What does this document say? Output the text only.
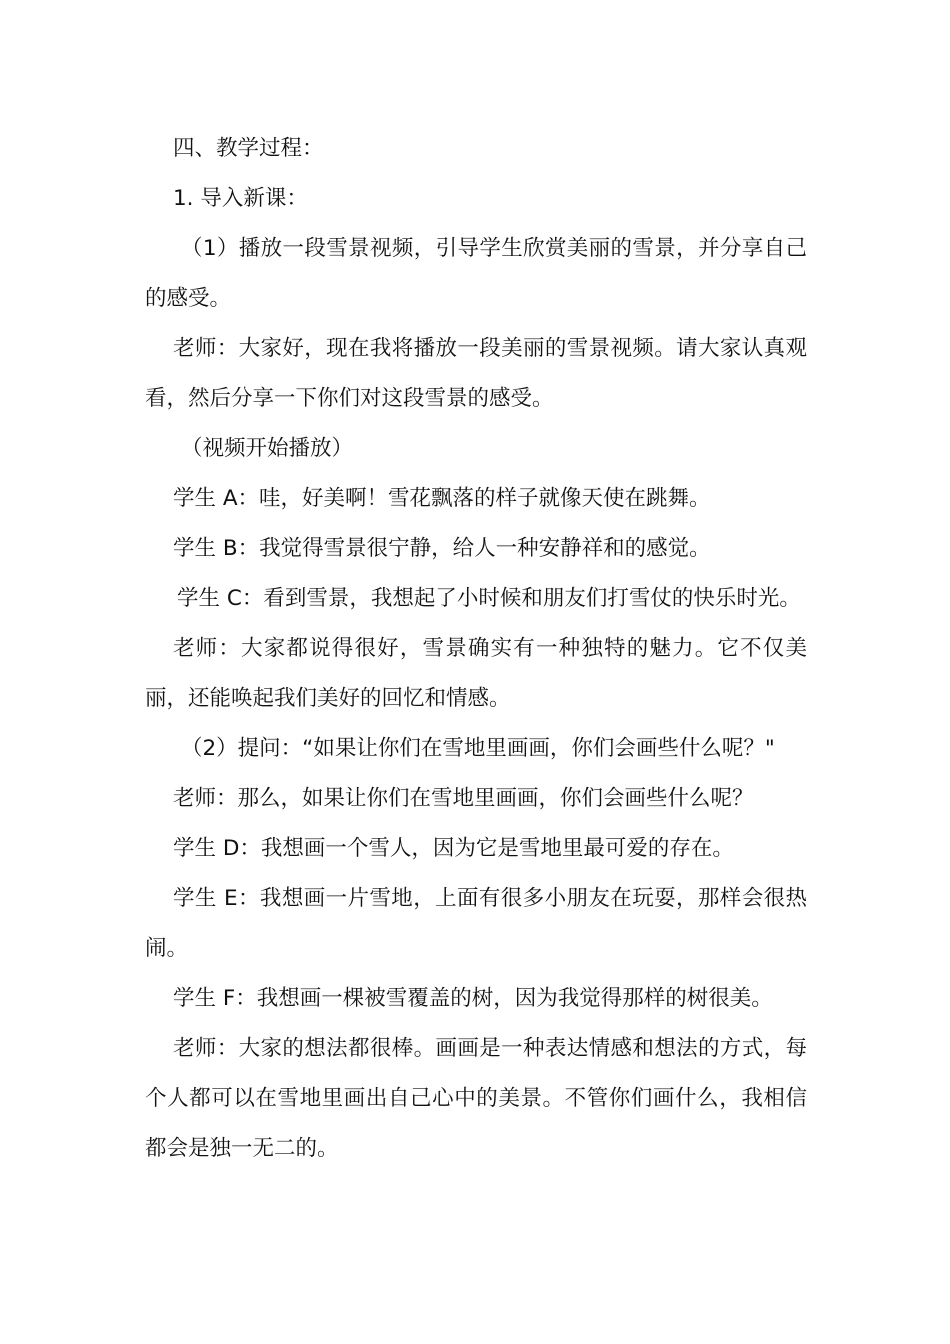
四、教学过程：

1. 导入新课：

（1）播放一段雪景视频，引导学生欣赏美丽的雪景，并分享自己的感受。

老师：大家好，现在我将播放一段美丽的雪景视频。请大家认真观看，然后分享一下你们对这段雪景的感受。

（视频开始播放）

学生 A：哇，好美啊！雪花飘落的样子就像天使在跳舞。

学生 B：我觉得雪景很宁静，给人一种安静祥和的感觉。

学生 C：看到雪景，我想起了小时候和朋友们打雪仗的快乐时光。

老师：大家都说得很好，雪景确实有一种独特的魅力。它不仅美丽，还能唤起我们美好的回忆和情感。

（2）提问：“如果让你们在雪地里画画，你们会画些什么呢？"

老师：那么，如果让你们在雪地里画画，你们会画些什么呢？

学生 D：我想画一个雪人，因为它是雪地里最可爱的存在。

学生 E：我想画一片雪地，上面有很多小朋友在玩耍，那样会很热闹。

学生 F：我想画一棵被雪覆盖的树，因为我觉得那样的树很美。

老师：大家的想法都很棒。画画是一种表达情感和想法的方式，每个人都可以在雪地里画出自己心中的美景。不管你们画什么，我相信都会是独一无二的。
